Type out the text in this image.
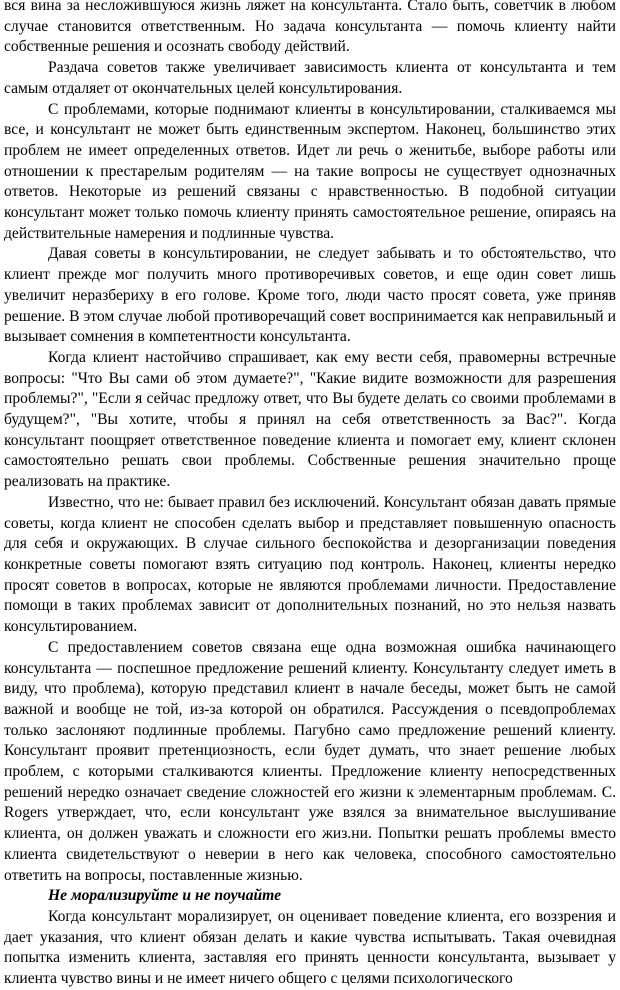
вся вина за несложившуюся жизнь ляжет на консультанта. Стало быть, советчик в любом случае становится ответственным. Но задача консультанта — помочь клиенту найти собственные решения и осознать свободу действий.

Раздача советов также увеличивает зависимость клиента от консультанта и тем самым отдаляет от окончательных целей консультирования.

С проблемами, которые поднимают клиенты в консультировании, сталкиваемся мы все, и консультант не может быть единственным экспертом. Наконец, большинство этих проблем не имеет определенных ответов. Идет ли речь о женитьбе, выборе работы или отношении к престарелым родителям — на такие вопросы не существует однозначных ответов. Некоторые из решений связаны с нравственностью. В подобной ситуации консультант может только помочь клиенту принять самостоятельное решение, опираясь на действительные намерения и подлинные чувства.

Давая советы в консультировании, не следует забывать и то обстоятельство, что клиент прежде мог получить много противоречивых советов, и еще один совет лишь увеличит неразбериху в его голове. Кроме того, люди часто просят совета, уже приняв решение. В этом случае любой противоречащий совет воспринимается как неправильный и вызывает сомнения в компетентности консультанта.

Когда клиент настойчиво спрашивает, как ему вести себя, правомерны встречные вопросы: "Что Вы сами об этом думаете?", "Какие видите возможности для разрешения проблемы?", "Если я сейчас предложу ответ, что Вы будете делать со своими проблемами в будущем?", "Вы хотите, чтобы я принял на себя ответственность за Вас?". Когда консультант поощряет ответственное поведение клиента и помогает ему, клиент склонен самостоятельно решать свои проблемы. Собственные решения значительно проще реализовать на практике.

Известно, что не: бывает правил без исключений. Консультант обязан давать прямые советы, когда клиент не способен сделать выбор и представляет повышенную опасность для себя и окружающих. В случае сильного беспокойства и дезорганизации поведения конкретные советы помогают взять ситуацию под контроль. Наконец, клиенты нередко просят советов в вопросах, которые не являются проблемами личности. Предоставление помощи в таких проблемах зависит от дополнительных познаний, но это нельзя назвать консультированием.

С предоставлением советов связана еще одна возможная ошибка начинающего консультанта — поспешное предложение решений клиенту. Консультанту следует иметь в виду, что проблема), которую представил клиент в начале беседы, может быть не самой важной и вообще не той, из-за которой он обратился. Рассуждения о псевдопроблемах только заслоняют подлинные проблемы. Пагубно само предложение решений клиенту. Консультант проявит претенциозность, если будет думать, что знает решение любых проблем, с которыми сталкиваются клиенты. Предложение клиенту непосредственных решений нередко означает сведение сложностей его жизни к элементарным проблемам. C. Rogers утверждает, что, если консультант уже взялся за внимательное выслушивание клиента, он должен уважать и сложности его жиз.ни. Попытки решать проблемы вместо клиента свидетельствуют о неверии в него как человека, способного самостоятельно ответить на вопросы, поставленные жизнью.

Не морализируйте и не поучайте

Когда консультант морализирует, он оценивает поведение клиента, его воззрения и дает указания, что клиент обязан делать и какие чувства испытывать. Такая очевидная попытка изменить клиента, заставляя его принять ценности консультанта, вызывает у клиента чувство вины и не имеет ничего общего с целями психологического
